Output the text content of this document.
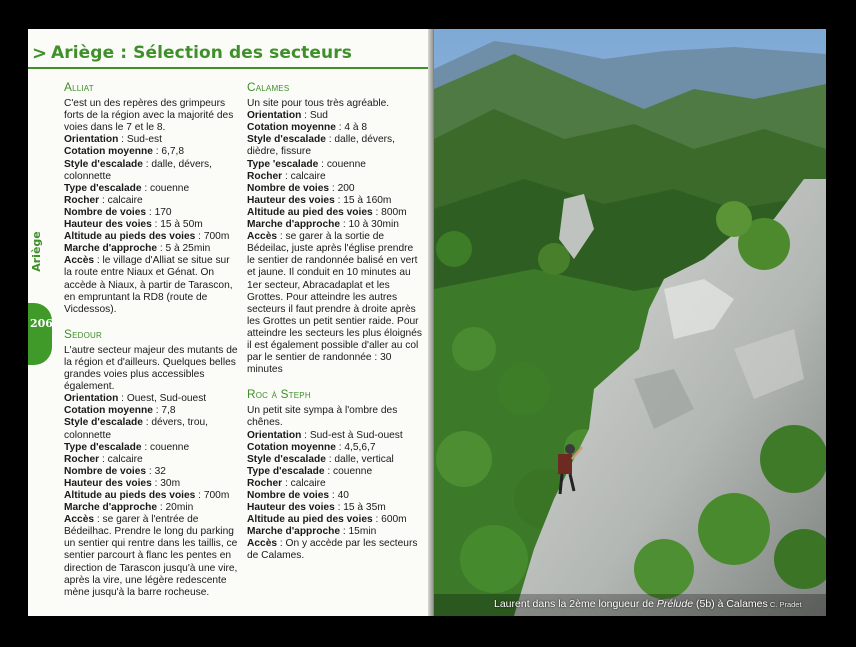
> Ariège : Sélection des secteurs
Ariège
206
Alliat

C'est un des repères des grimpeurs forts de la région avec la majorité des voies dans le 7 et le 8.

Orientation : Sud-est

Cotation moyenne : 6,7,8

Style d'escalade : dalle, dévers, colonnette

Type d'escalade : couenne

Rocher : calcaire

Nombre de voies : 170

Hauteur des voies : 15 à 50m

Altitude au pieds des voies : 700m

Marche d'approche : 5 à 25min

Accès : le village d'Alliat se situe sur la route entre Niaux et Génat. On accède à Niaux, à partir de Tarascon, en empruntant la RD8 (route de Vicdessos).

Sedour

L'autre secteur majeur des mutants de la région et d'ailleurs. Quelques belles grandes voies plus accessibles également.

Orientation : Ouest, Sud-ouest

Cotation moyenne : 7,8

Style d'escalade : dévers, trou, colonnette

Type d'escalade : couenne

Rocher : calcaire

Nombre de voies : 32

Hauteur des voies : 30m

Altitude au pieds des voies : 700m

Marche d'approche : 20min

Accès : se garer à l'entrée de Bédeilhac. Prendre le long du parking un sentier qui rentre dans les taillis, ce sentier parcourt à flanc les pentes en direction de Tarascon jusqu'à une vire, après la vire, une légère redescente mène jusqu'à la barre rocheuse.

Calames

Un site pour tous très agréable.

Orientation : Sud

Cotation moyenne : 4 à 8

Style d'escalade : dalle, dévers, dièdre, fissure

Type 'escalade : couenne

Rocher : calcaire

Nombre de voies : 200

Hauteur des voies : 15 à 160m

Altitude au pied des voies : 800m

Marche d'approche : 10 à 30min

Accès : se garer à la sortie de Bédeilac, juste après l'église prendre le sentier de randonnée balisé en vert et jaune. Il conduit en 10 minutes au 1er secteur, Abracadaplat et les Grottes. Pour atteindre les autres secteurs il faut prendre à droite après les Grottes un petit sentier raide. Pour atteindre les secteurs les plus éloignés il est également possible d'aller au col par le sentier de randonnée : 30 minutes

Roc à Steph

Un petit site sympa à l'ombre des chênes.

Orientation : Sud-est à Sud-ouest

Cotation moyenne : 4,5,6,7

Style d'escalade : dalle, vertical

Type d'escalade : couenne

Rocher : calcaire

Nombre de voies : 40

Hauteur des voies : 15 à 35m

Altitude au pied des voies : 600m

Marche d'approche : 15min

Accès : On y accède par les secteurs de Calames.

Laurent dans la 2ème longueur de Prélude (5b) à Calames C. Pradet
